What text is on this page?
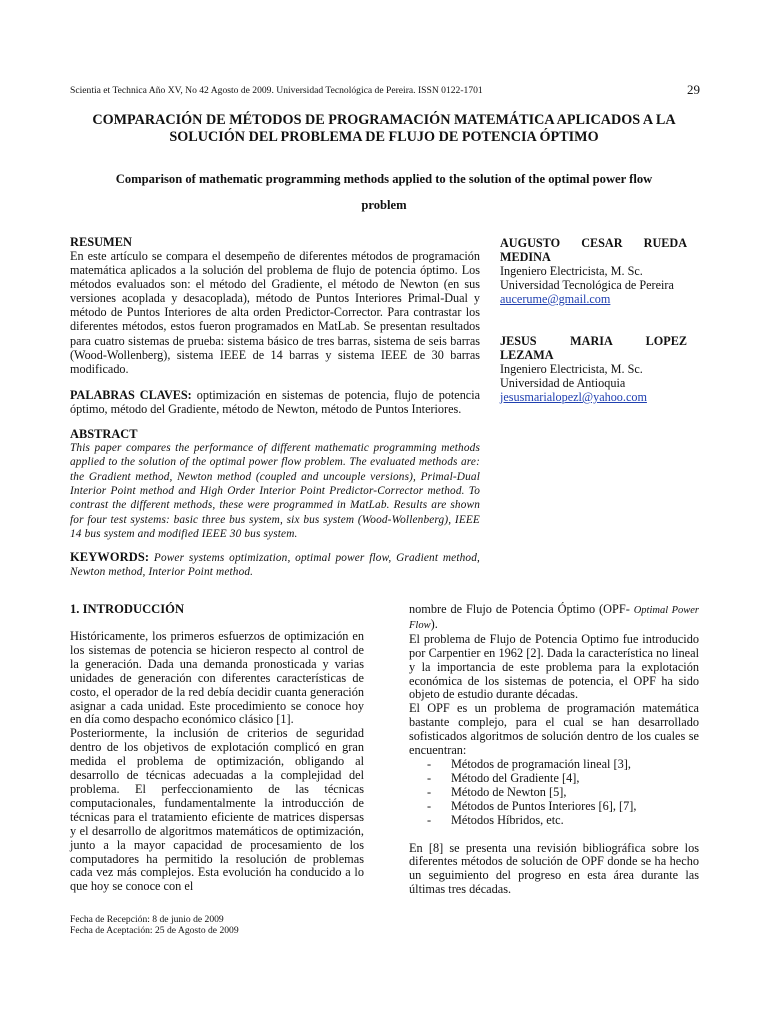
Scientia et Technica Año XV, No 42 Agosto de 2009. Universidad Tecnológica de Pereira. ISSN 0122-1701	29
COMPARACIÓN DE MÉTODOS DE PROGRAMACIÓN MATEMÁTICA APLICADOS A LA
SOLUCIÓN DEL PROBLEMA DE FLUJO DE POTENCIA ÓPTIMO
Comparison of mathematic programming methods applied to the solution of the optimal power flow
problem

RESUMEN

En este artículo se compara el desempeño de diferentes métodos de programación matemática aplicados a la solución del problema de flujo de potencia óptimo. Los métodos evaluados son: el método del Gradiente, el método de Newton (en sus versiones acoplada y desacoplada), método de Puntos Interiores Primal-Dual y método de Puntos Interiores de alta orden Predictor-Corrector. Para contrastar los diferentes métodos, estos fueron programados en MatLab. Se presentan resultados para cuatro sistemas de prueba: sistema básico de tres barras, sistema de seis barras (Wood-Wollenberg), sistema IEEE de 14 barras y sistema IEEE de 30 barras modificado.

PALABRAS CLAVES: optimización en sistemas de potencia, flujo de potencia óptimo, método del Gradiente, método de Newton, método de Puntos Interiores.

ABSTRACT

This paper compares the performance of different mathematic programming methods applied to the solution of the optimal power flow problem. The evaluated methods are: the Gradient method, Newton method (coupled and uncouple versions), Primal-Dual Interior Point method and High Order Interior Point Predictor-Corrector method. To contrast the different methods, these were programmed in MatLab. Results are shown for four test systems: basic three bus system, six bus system (Wood-Wollenberg), IEEE 14 bus system and modified IEEE 30 bus system.

KEYWORDS: Power systems optimization, optimal power flow, Gradient method, Newton method, Interior Point method.

AUGUSTO CESAR RUEDA
MEDINA
Ingeniero Electricista, M. Sc.
Universidad Tecnológica de Pereira
aucerume@gmail.com
JESUS MARIA LOPEZ
LEZAMA
Ingeniero Electricista, M. Sc.
Universidad de Antioquia
jesusmarialopezl@yahoo.com

1. INTRODUCCIÓN

Históricamente, los primeros esfuerzos de optimización en los sistemas de potencia se hicieron respecto al control de la generación. Dada una demanda pronosticada y varias unidades de generación con diferentes características de costo, el operador de la red debía decidir cuanta generación asignar a cada unidad. Este procedimiento se conoce hoy en día como despacho económico clásico [1].

Posteriormente, la inclusión de criterios de seguridad dentro de los objetivos de explotación complicó en gran medida el problema de optimización, obligando al desarrollo de técnicas adecuadas a la complejidad del problema. El perfeccionamiento de las técnicas computacionales, fundamentalmente la introducción de técnicas para el tratamiento eficiente de matrices dispersas y el desarrollo de algoritmos matemáticos de optimización, junto a la mayor capacidad de procesamiento de los computadores ha permitido la resolución de problemas cada vez más complejos. Esta evolución ha conducido a lo que hoy se conoce con el

nombre de Flujo de Potencia Óptimo (OPF- Optimal Power Flow).

El problema de Flujo de Potencia Optimo fue introducido por Carpentier en 1962 [2]. Dada la característica no lineal y la importancia de este problema para la explotación económica de los sistemas de potencia, el OPF ha sido objeto de estudio durante décadas.

El OPF es un problema de programación matemática bastante complejo, para el cual se han desarrollado sofisticados algoritmos de solución dentro de los cuales se encuentran:

- Métodos de programación lineal [3],
- Método del Gradiente [4],
- Método de Newton [5],
- Métodos de Puntos Interiores [6], [7],
- Métodos Híbridos, etc.

En [8] se presenta una revisión bibliográfica sobre los diferentes métodos de solución de OPF donde se ha hecho un seguimiento del progreso en esta área durante las últimas tres décadas.

Fecha de Recepción: 8 de junio de 2009
Fecha de Aceptación: 25 de Agosto de 2009
